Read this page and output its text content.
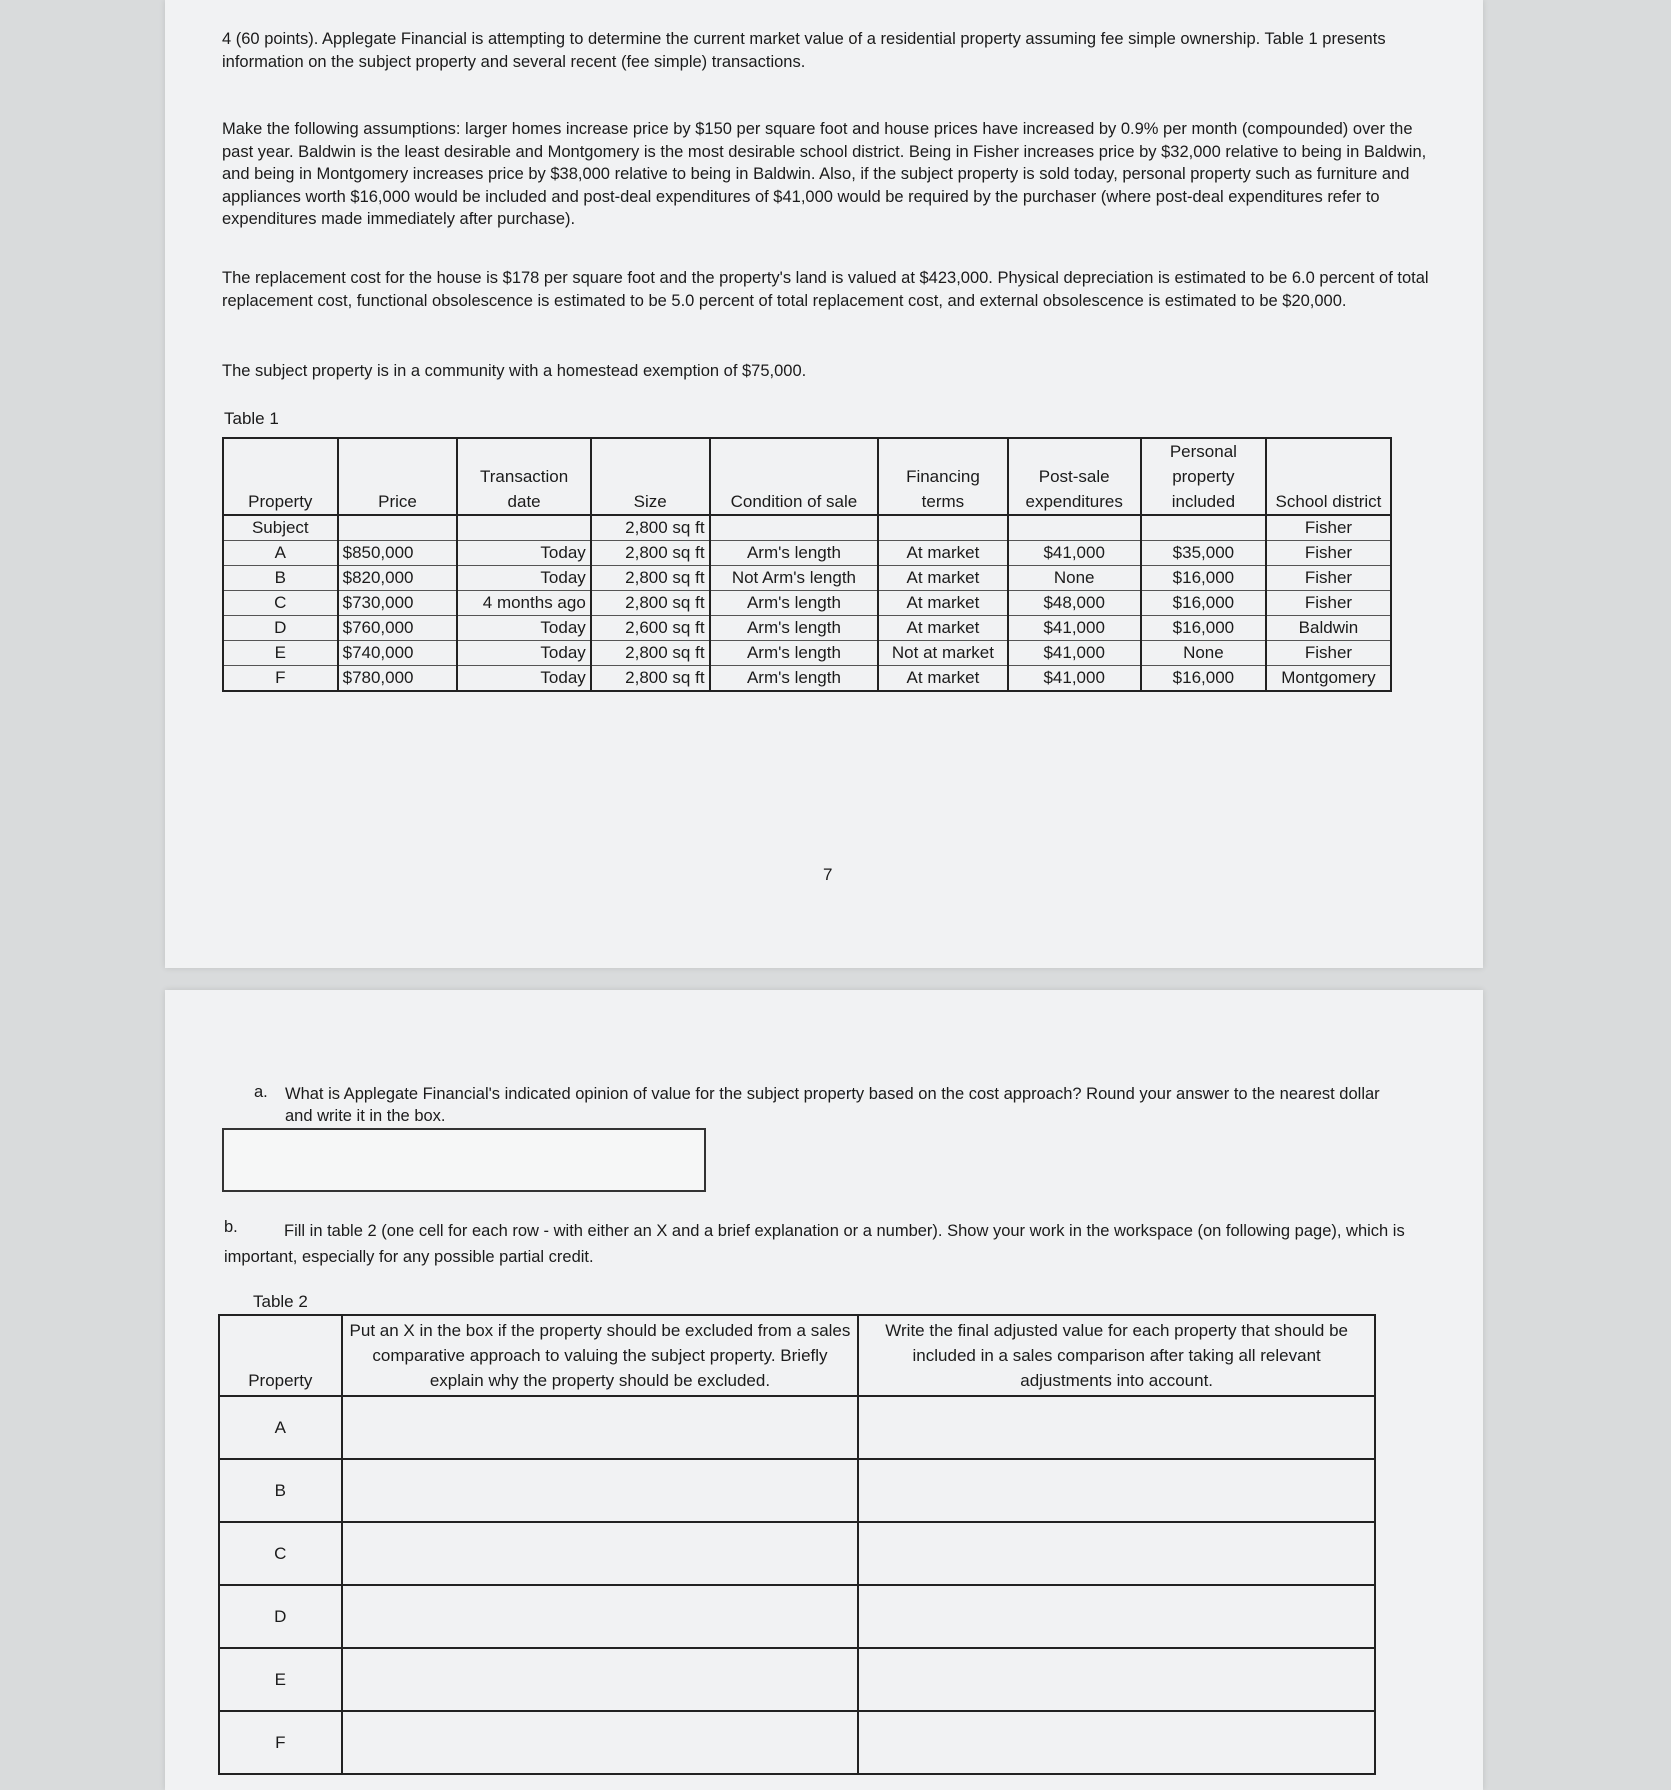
4 (60 points). Applegate Financial is attempting to determine the current market value of a residential property assuming fee simple ownership. Table 1 presents information on the subject property and several recent (fee simple) transactions.

Make the following assumptions: larger homes increase price by $150 per square foot and house prices have increased by 0.9% per month (compounded) over the past year. Baldwin is the least desirable and Montgomery is the most desirable school district. Being in Fisher increases price by $32,000 relative to being in Baldwin, and being in Montgomery increases price by $38,000 relative to being in Baldwin. Also, if the subject property is sold today, personal property such as furniture and appliances worth $16,000 would be included and post-deal expenditures of $41,000 would be required by the purchaser (where post-deal expenditures refer to expenditures made immediately after purchase).

The replacement cost for the house is $178 per square foot and the property's land is valued at $423,000. Physical depreciation is estimated to be 6.0 percent of total replacement cost, functional obsolescence is estimated to be 5.0 percent of total replacement cost, and external obsolescence is estimated to be $20,000.

The subject property is in a community with a homestead exemption of $75,000.

Table 1
Property	Price	Transaction date	Size	Condition of sale	Financing terms	Post-sale expenditures	Personal property included	School district
Subject			2,800 sq ft					Fisher
A	$850,000	Today	2,800 sq ft	Arm's length	At market	$41,000	$35,000	Fisher
B	$820,000	Today	2,800 sq ft	Not Arm's length	At market	None	$16,000	Fisher
C	$730,000	4 months ago	2,800 sq ft	Arm's length	At market	$48,000	$16,000	Fisher
D	$760,000	Today	2,600 sq ft	Arm's length	At market	$41,000	$16,000	Baldwin
E	$740,000	Today	2,800 sq ft	Arm's length	Not at market	$41,000	None	Fisher
F	$780,000	Today	2,800 sq ft	Arm's length	At market	$41,000	$16,000	Montgomery
7
a. What is Applegate Financial's indicated opinion of value for the subject property based on the cost approach? Round your answer to the nearest dollar and write it in the box.
b.	Fill in table 2 (one cell for each row - with either an X and a brief explanation or a number). Show your work in the workspace (on following page), which is important, especially for any possible partial credit.
Table 2
Property	Put an X in the box if the property should be excluded from a sales comparative approach to valuing the subject property. Briefly explain why the property should be excluded.	Write the final adjusted value for each property that should be included in a sales comparison after taking all relevant adjustments into account.
A		
B		
C		
D		
E		
F		
